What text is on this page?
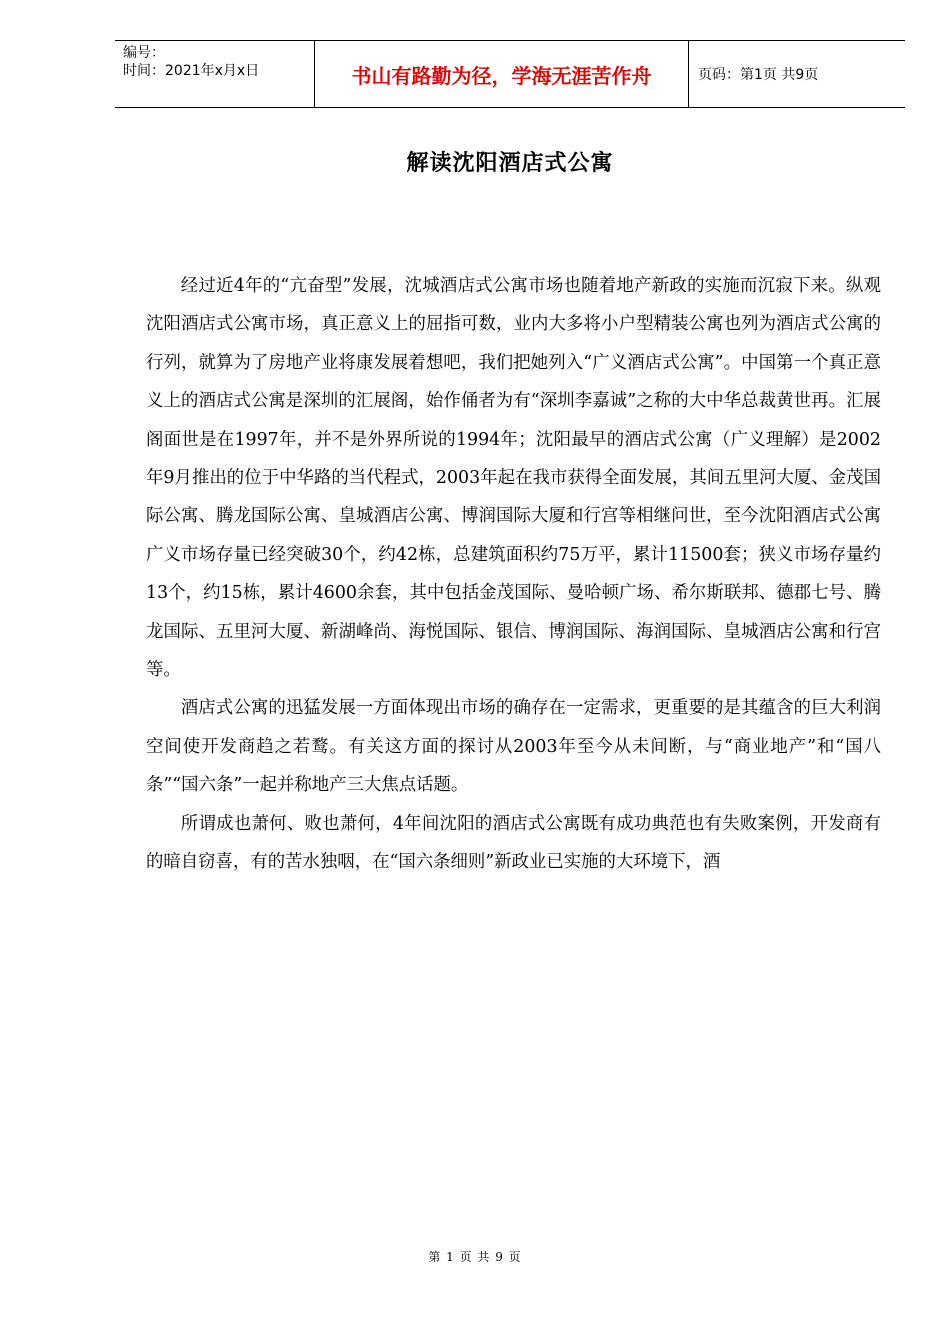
编号：
时间：2021年x月x日	书山有路勤为径，学海无涯苦作舟	页码：第1页 共9页
解读沈阳酒店式公寓

经过近4年的“亢奋型”发展，沈城酒店式公寓市场也随着地产新政的实施而沉寂下来。纵观沈阳酒店式公寓市场，真正意义上的屈指可数，业内大多将小户型精装公寓也列为酒店式公寓的行列，就算为了房地产业将康发展着想吧，我们把她列入“广义酒店式公寓”。中国第一个真正意义上的酒店式公寓是深圳的汇展阁，始作俑者为有“深圳李嘉诚”之称的大中华总裁黄世再。汇展阁面世是在1997年，并不是外界所说的1994年；沈阳最早的酒店式公寓（广义理解）是2002年9月推出的位于中华路的当代程式，2003年起在我市获得全面发展，其间五里河大厦、金茂国际公寓、腾龙国际公寓、皇城酒店公寓、博润国际大厦和行宫等相继问世，至今沈阳酒店式公寓广义市场存量已经突破30个，约42栋，总建筑面积约75万平，累计11500套；狭义市场存量约13个，约15栋，累计4600余套，其中包括金茂国际、曼哈顿广场、希尔斯联邦、德郡七号、腾龙国际、五里河大厦、新湖峰尚、海悦国际、银信、博润国际、海润国际、皇城酒店公寓和行宫等。

酒店式公寓的迅猛发展一方面体现出市场的确存在一定需求，更重要的是其蕴含的巨大利润空间使开发商趋之若鹜。有关这方面的探讨从2003年至今从未间断，与“商业地产”和“国八条”“国六条”一起并称地产三大焦点话题。

所谓成也萧何、败也萧何，4年间沈阳的酒店式公寓既有成功典范也有失败案例，开发商有的暗自窃喜，有的苦水独咽，在“国六条细则”新政业已实施的大环境下，酒

第 1 页 共 9 页
